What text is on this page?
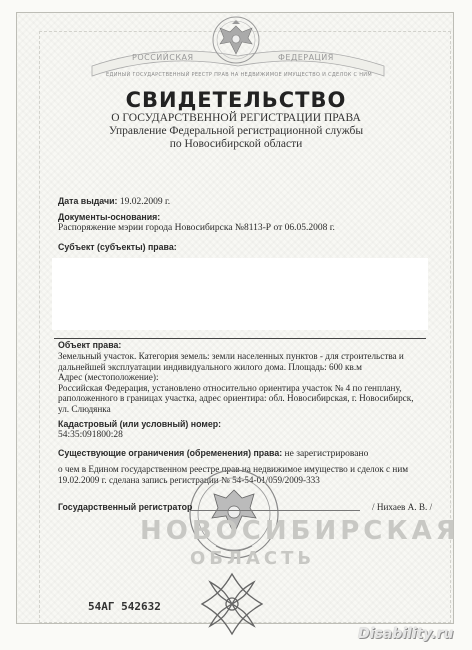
РОССИЙСКАЯ	ФЕДЕРАЦИЯ
ЕДИНЫЙ ГОСУДАРСТВЕННЫЙ РЕЕСТР ПРАВ НА НЕДВИЖИМОЕ ИМУЩЕСТВО И СДЕЛОК С НИМ
СВИДЕТЕЛЬСТВО
О ГОСУДАРСТВЕННОЙ РЕГИСТРАЦИИ ПРАВА
Управление Федеральной регистрационной службы
по Новосибирской области
Дата выдачи: 19.02.2009 г.
Документы-основания:
Распоряжение мэрии города Новосибирска №8113-Р от 06.05.2008 г.
Субъект (субъекты) права:
Объект права:
Земельный участок. Категория земель: земли населенных пунктов - для строительства и
дальнейшей эксплуатации индивидуального жилого дома. Площадь: 600 кв.м
Адрес (местоположение):
Российская Федерация, установлено относительно ориентира участок № 4 по генплану,
раположенного в границах участка, адрес ориентира: обл. Новосибирская, г. Новосибирск,
ул. Слюдянка
Кадастровый (или условный) номер:
54:35:091800:28
Существующие ограничения (обременения) права: не зарегистрировано
о чем в Едином государственном реестре прав на недвижимое имущество и сделок с ним
19.02.2009 г. сделана запись регистрации № 54-54-01/059/2009-333
Государственный регистратор	/ Нихаев А. В. /
НОВОСИБИРСКАЯ
ОБЛАСТЬ
54АГ 542632
Disability.ru
